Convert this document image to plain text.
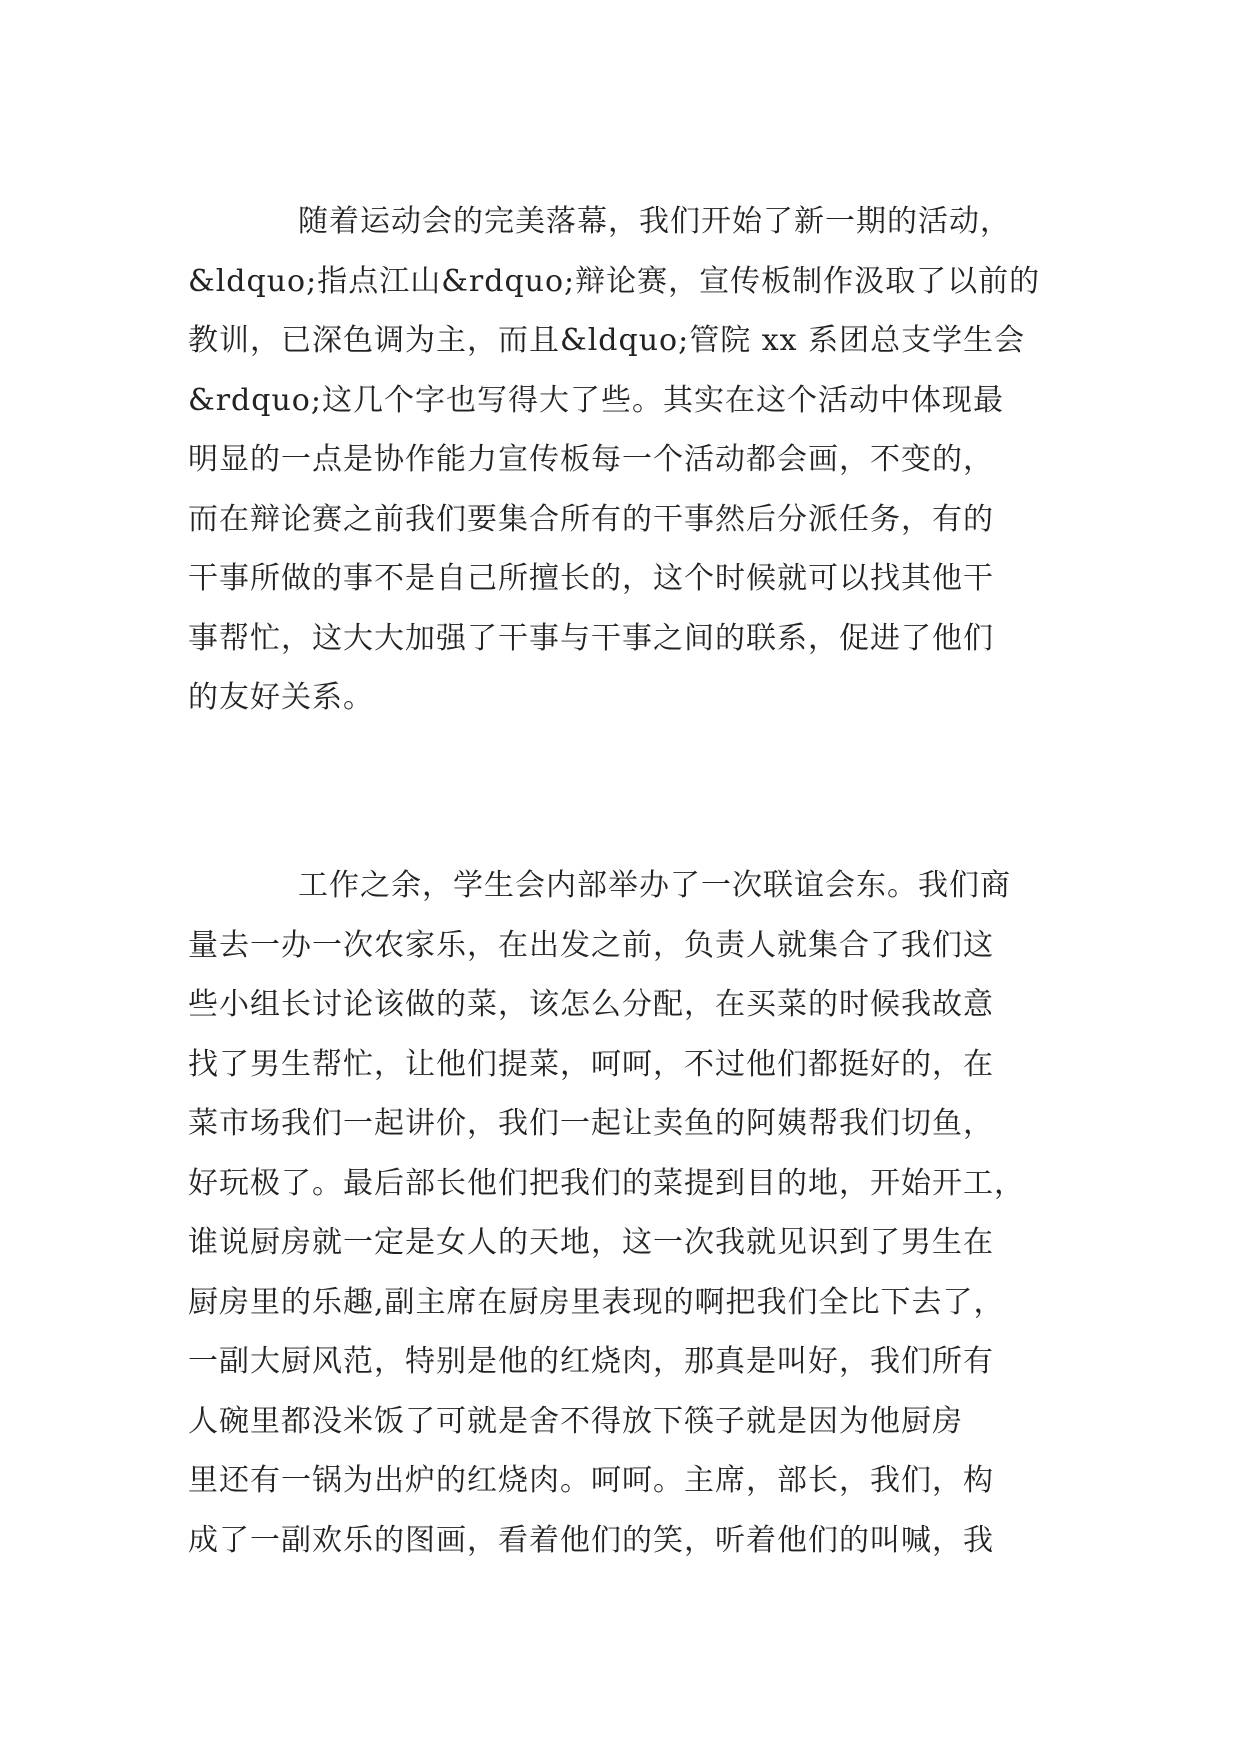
随着运动会的完美落幕，我们开始了新一期的活动，
&ldquo;指点江山&rdquo;辩论赛，宣传板制作汲取了以前的
教训，已深色调为主，而且&ldquo;管院 xx 系团总支学生会
&rdquo;这几个字也写得大了些。其实在这个活动中体现最
明显的一点是协作能力宣传板每一个活动都会画，不变的，
而在辩论赛之前我们要集合所有的干事然后分派任务，有的
干事所做的事不是自己所擅长的，这个时候就可以找其他干
事帮忙，这大大加强了干事与干事之间的联系，促进了他们
的友好关系。
工作之余，学生会内部举办了一次联谊会东。我们商
量去一办一次农家乐，在出发之前，负责人就集合了我们这
些小组长讨论该做的菜，该怎么分配，在买菜的时候我故意
找了男生帮忙，让他们提菜，呵呵，不过他们都挺好的，在
菜市场我们一起讲价，我们一起让卖鱼的阿姨帮我们切鱼，
好玩极了。最后部长他们把我们的菜提到目的地，开始开工，
谁说厨房就一定是女人的天地，这一次我就见识到了男生在
厨房里的乐趣,副主席在厨房里表现的啊把我们全比下去了，
一副大厨风范，特别是他的红烧肉，那真是叫好，我们所有
人碗里都没米饭了可就是舍不得放下筷子就是因为他厨房
里还有一锅为出炉的红烧肉。呵呵。主席，部长，我们，构
成了一副欢乐的图画，看着他们的笑，听着他们的叫喊，我
